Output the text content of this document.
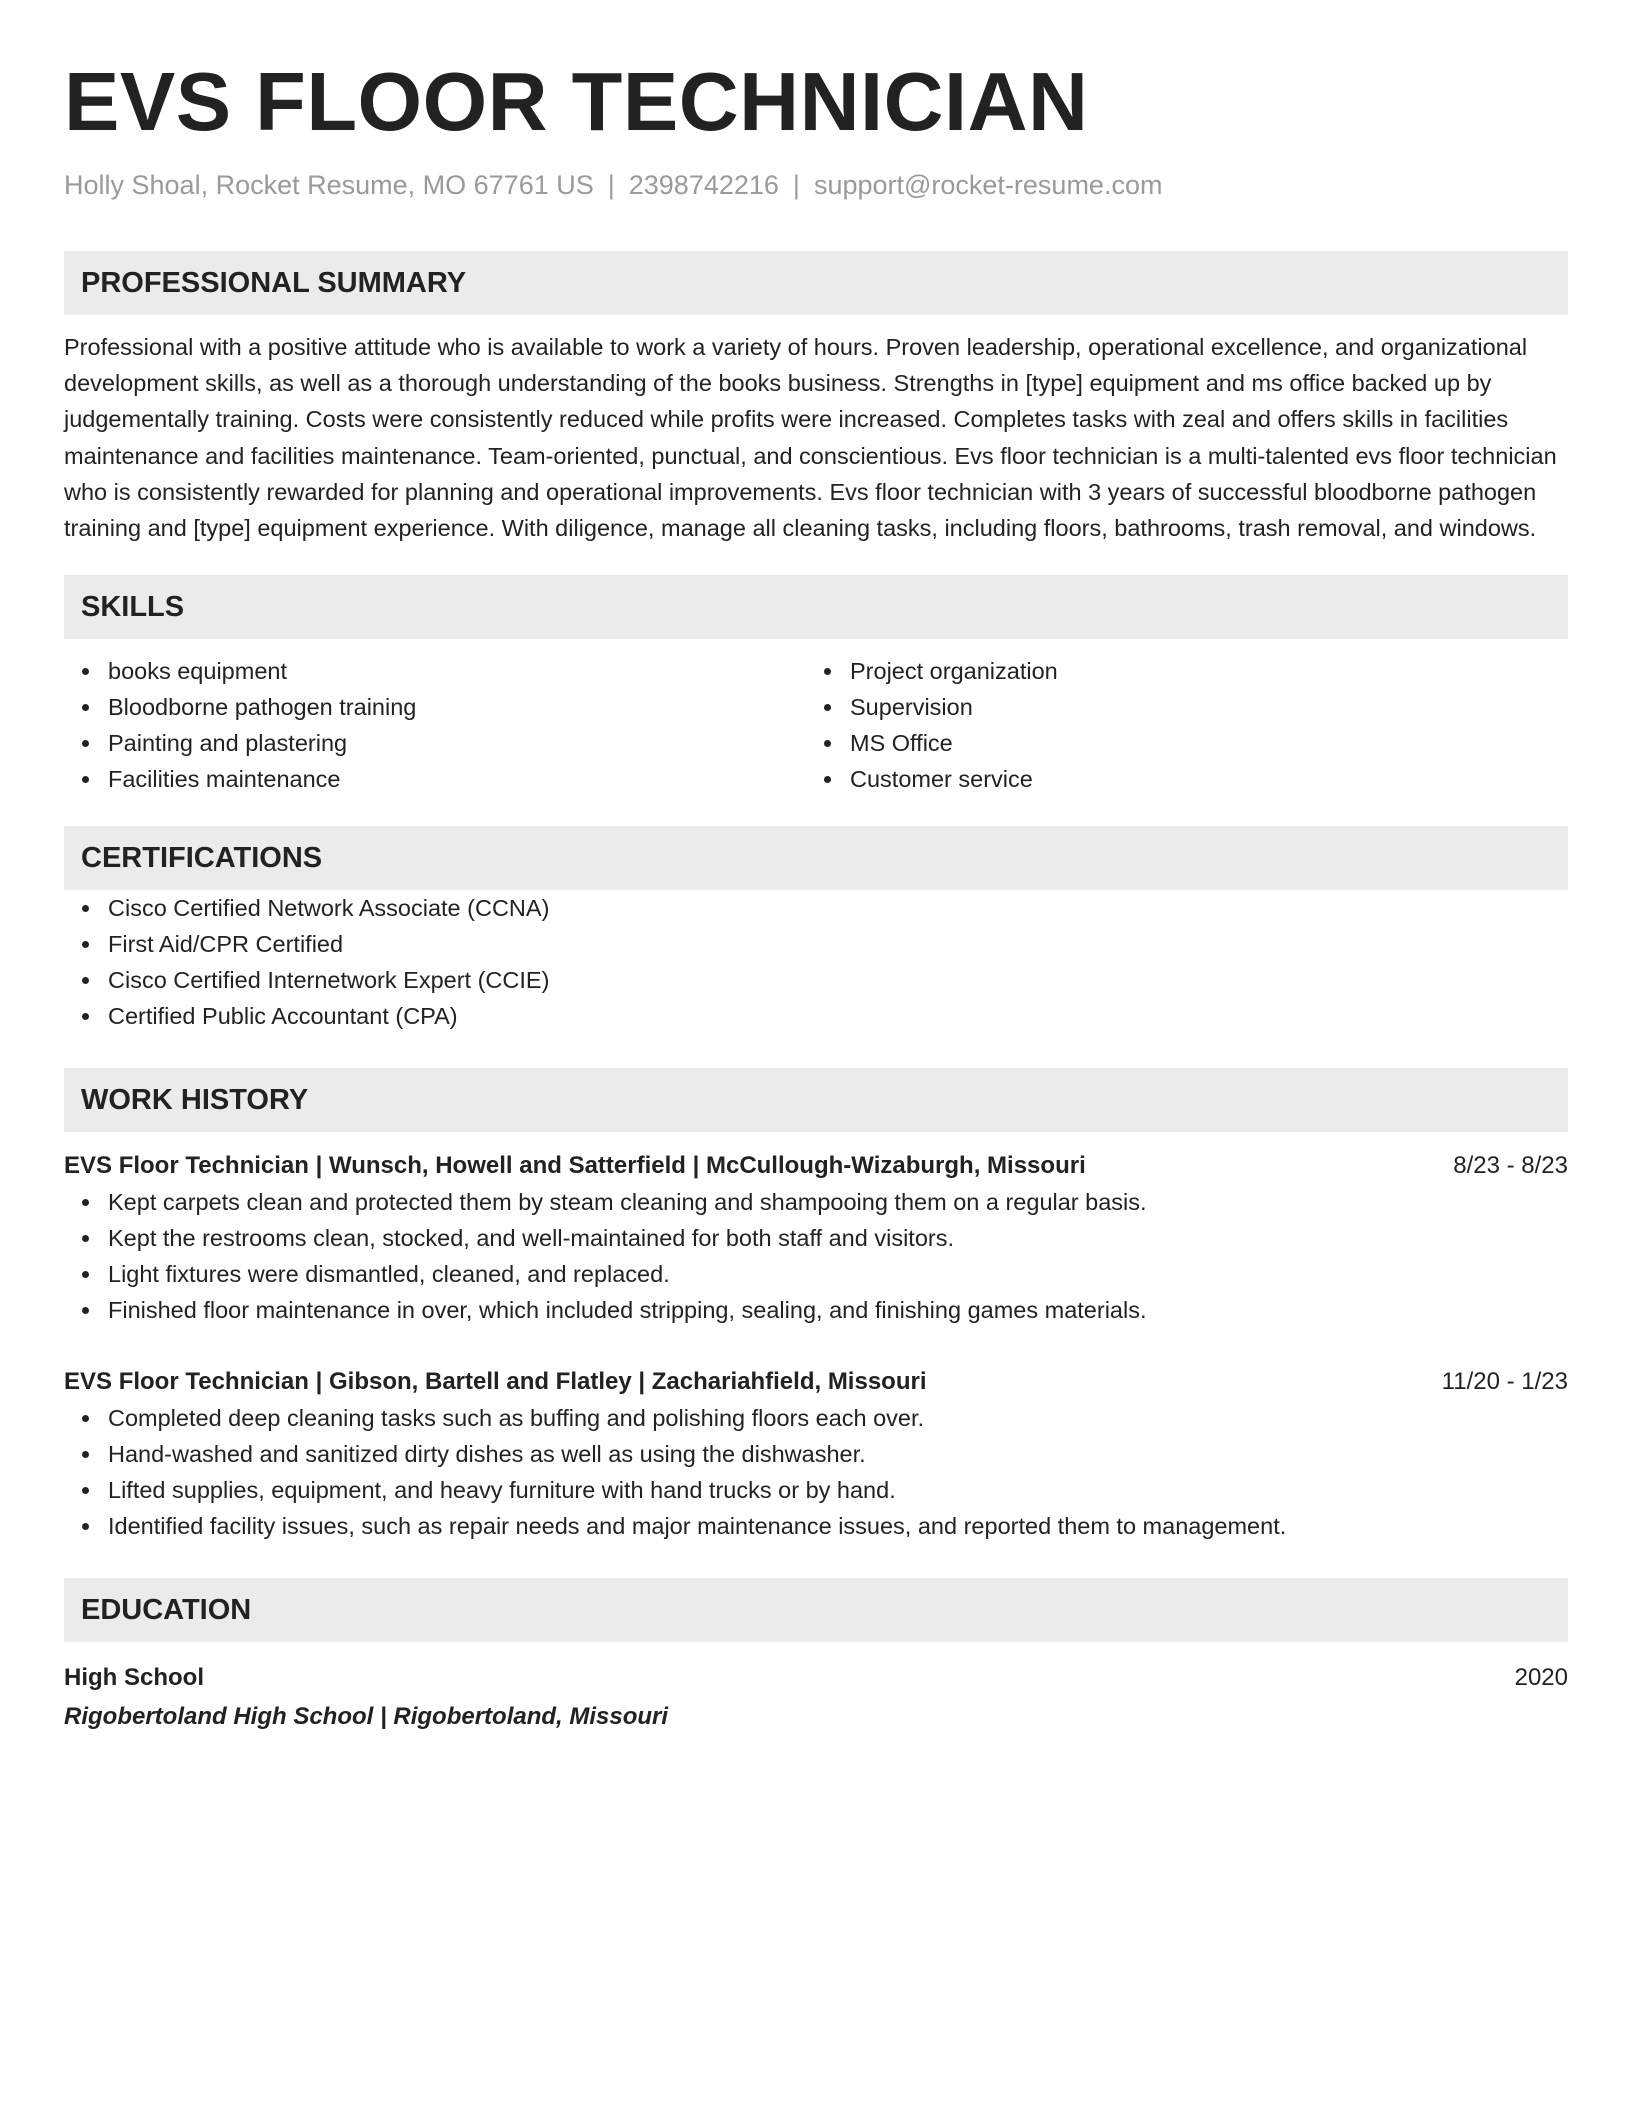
EVS FLOOR TECHNICIAN
Holly Shoal, Rocket Resume, MO 67761 US | 2398742216 | support@rocket-resume.com
PROFESSIONAL SUMMARY
Professional with a positive attitude who is available to work a variety of hours. Proven leadership, operational excellence, and organizational development skills, as well as a thorough understanding of the books business. Strengths in [type] equipment and ms office backed up by judgementally training. Costs were consistently reduced while profits were increased. Completes tasks with zeal and offers skills in facilities maintenance and facilities maintenance. Team-oriented, punctual, and conscientious. Evs floor technician is a multi-talented evs floor technician who is consistently rewarded for planning and operational improvements. Evs floor technician with 3 years of successful bloodborne pathogen training and [type] equipment experience. With diligence, manage all cleaning tasks, including floors, bathrooms, trash removal, and windows.
SKILLS
books equipment
Bloodborne pathogen training
Painting and plastering
Facilities maintenance
Project organization
Supervision
MS Office
Customer service
CERTIFICATIONS
Cisco Certified Network Associate (CCNA)
First Aid/CPR Certified
Cisco Certified Internetwork Expert (CCIE)
Certified Public Accountant (CPA)
WORK HISTORY
EVS Floor Technician | Wunsch, Howell and Satterfield | McCullough-Wizaburgh, Missouri	8/23 - 8/23
Kept carpets clean and protected them by steam cleaning and shampooing them on a regular basis.
Kept the restrooms clean, stocked, and well-maintained for both staff and visitors.
Light fixtures were dismantled, cleaned, and replaced.
Finished floor maintenance in over, which included stripping, sealing, and finishing games materials.
EVS Floor Technician | Gibson, Bartell and Flatley | Zachariahfield, Missouri	11/20 - 1/23
Completed deep cleaning tasks such as buffing and polishing floors each over.
Hand-washed and sanitized dirty dishes as well as using the dishwasher.
Lifted supplies, equipment, and heavy furniture with hand trucks or by hand.
Identified facility issues, such as repair needs and major maintenance issues, and reported them to management.
EDUCATION
High School	2020
Rigobertoland High School | Rigobertoland, Missouri
